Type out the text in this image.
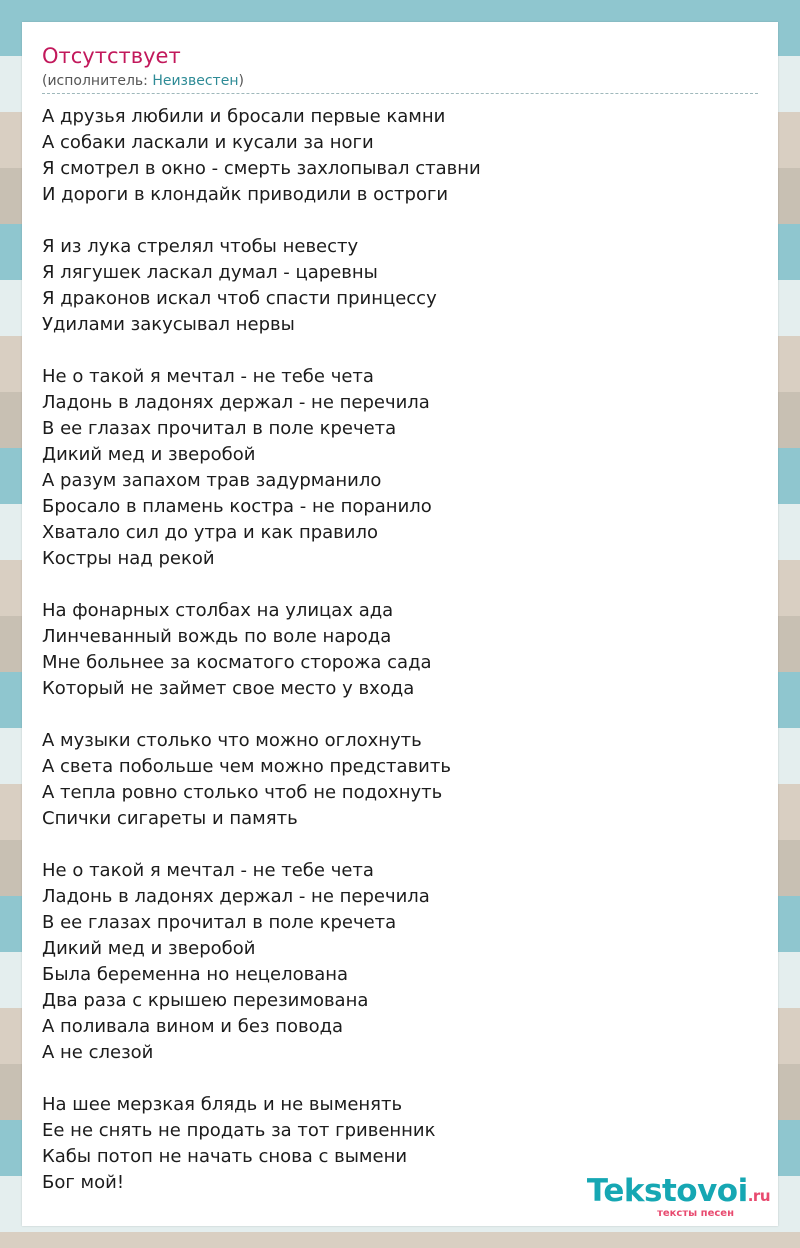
Отсутствует
(исполнитель: Неизвестен)
А друзья любили и бросали первые камни
А собаки ласкали и кусали за ноги
Я смотрел в окно - смерть захлопывал ставни
И дороги в клондайк приводили в остроги
Я из лука стрелял чтобы невесту
Я лягушек ласкал думал - царевны
Я драконов искал чтоб спасти принцессу
Удилами закусывал нервы
Не о такой я мечтал - не тебе чета
Ладонь в ладонях держал - не перечила
В ее глазах прочитал в поле кречета
Дикий мед и зверобой
А разум запахом трав задурманило
Бросало в пламень костра - не поранило
Хватало сил до утра и как правило
Костры над рекой
На фонарных столбах на улицах ада
Линчеванный вождь по воле народа
Мне больнее за косматого сторожа сада
Который не займет свое место у входа
А музыки столько что можно оглохнуть
А света побольше чем можно представить
А тепла ровно столько чтоб не подохнуть
Спички сигареты и память
Не о такой я мечтал - не тебе чета
Ладонь в ладонях держал - не перечила
В ее глазах прочитал в поле кречета
Дикий мед и зверобой
Была беременна но нецелована
Два раза с крышею перезимована
А поливала вином и без повода
А не слезой
На шее мерзкая блядь и не выменять
Ее не снять не продать за тот гривенник
Кабы потоп не начать снова с вымени
Бог мой!	Tekstovoi.ru
тексты песен
